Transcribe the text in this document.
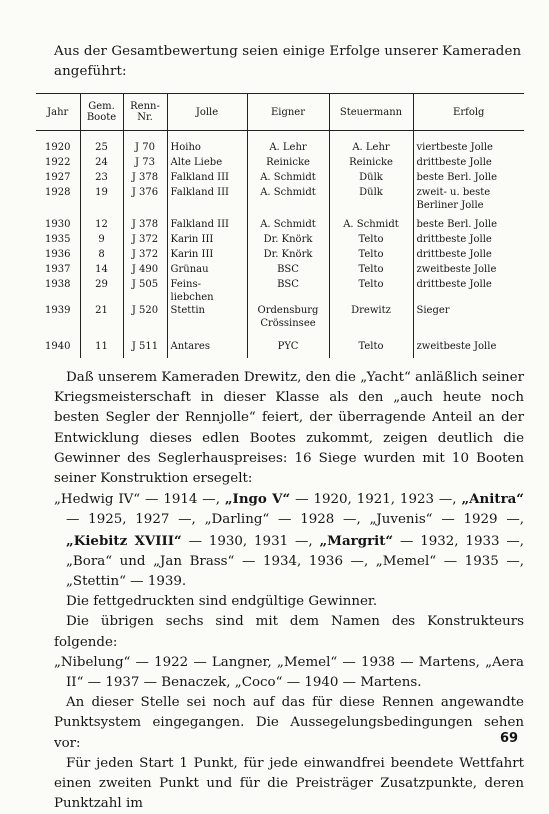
Aus der Gesamtbewertung seien einige Erfolge unserer Kameraden angeführt:
Jahr	Gem. Boote	Renn-Nr.	Jolle	Eigner	Steuermann	Erfolg
1920	25	J 70	Hoiho	A. Lehr	A. Lehr	viertbeste Jolle
1922	24	J 73	Alte Liebe	Reinicke	Reinicke	drittbeste Jolle
1927	23	J 378	Falkland III	A. Schmidt	Dülk	beste Berl. Jolle
1928	19	J 376	Falkland III	A. Schmidt	Dülk	zweit- u. beste Berliner Jolle
1930	12	J 378	Falkland III	A. Schmidt	A. Schmidt	beste Berl. Jolle
1935	9	J 372	Karin III	Dr. Knörk	Telto	drittbeste Jolle
1936	8	J 372	Karin III	Dr. Knörk	Telto	drittbeste Jolle
1937	14	J 490	Grünau	BSC	Telto	zweitbeste Jolle
1938	29	J 505	Feins-liebchen	BSC	Telto	drittbeste Jolle
1939	21	J 520	Stettin	Ordensburg Crössinsee	Drewitz	Sieger
1940	11	J 511	Antares	PYC	Telto	zweitbeste Jolle

Daß unserem Kameraden Drewitz, den die „Yacht“ anläßlich seiner Kriegsmeisterschaft in dieser Klasse als den „auch heute noch besten Segler der Rennjolle“ feiert, der überragende Anteil an der Entwicklung dieses edlen Bootes zukommt, zeigen deutlich die Gewinner des Seglerhauspreises: 16 Siege wurden mit 10 Booten seiner Konstruktion ersegelt:

„Hedwig IV“ — 1914 —, „Ingo V“ — 1920, 1921, 1923 —, „Anitra“ — 1925, 1927 —, „Darling“ — 1928 —, „Juvenis“ — 1929 —, „Kiebitz XVIII“ — 1930, 1931 —, „Margrit“ — 1932, 1933 —, „Bora“ und „Jan Brass“ — 1934, 1936 —, „Memel“ — 1935 —, „Stettin“ — 1939.

Die fettgedruckten sind endgültige Gewinner.

Die übrigen sechs sind mit dem Namen des Konstrukteurs folgende:

„Nibelung“ — 1922 — Langner, „Memel“ — 1938 — Martens, „Aera II“ — 1937 — Benaczek, „Coco“ — 1940 — Martens.

An dieser Stelle sei noch auf das für diese Rennen angewandte Punktsystem eingegangen. Die Aussegelungsbedingungen sehen vor:

Für jeden Start 1 Punkt, für jede einwandfrei beendete Wettfahrt einen zweiten Punkt und für die Preisträger Zusatzpunkte, deren Punktzahl im

69
